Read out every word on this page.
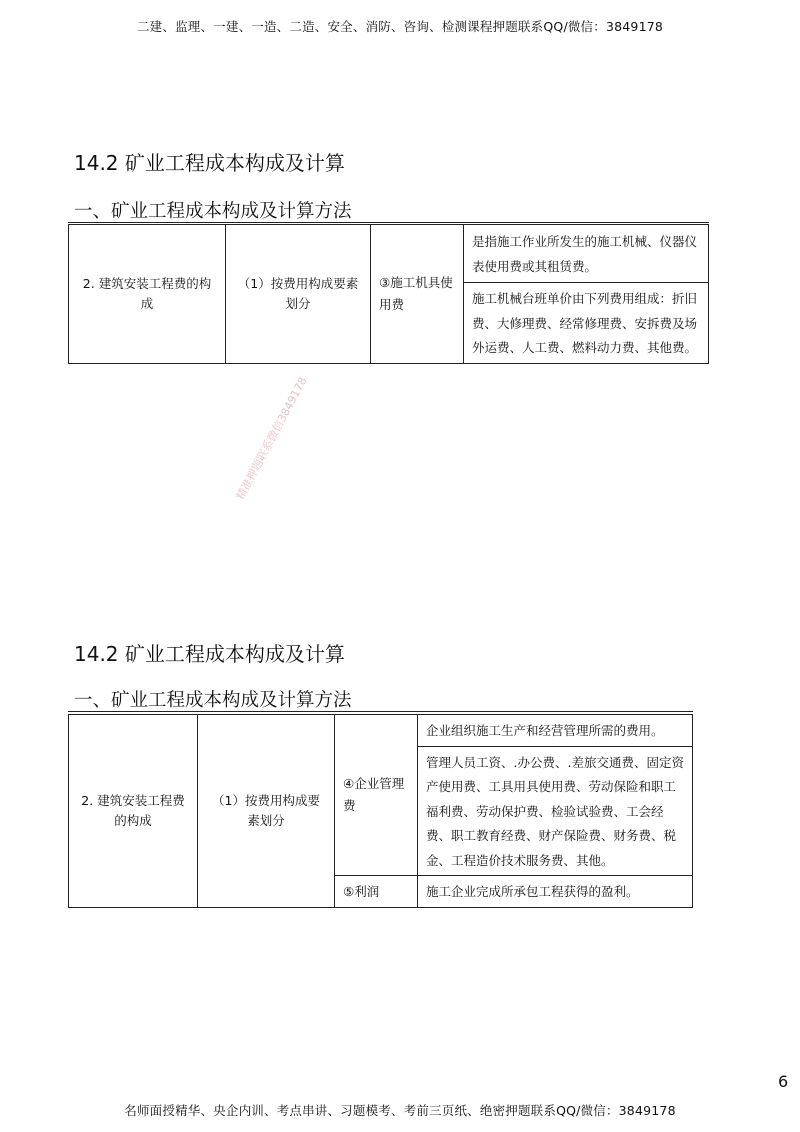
二建、监理、一建、一造、二造、安全、消防、咨询、检测课程押题联系QQ/微信：3849178
14.2 矿业工程成本构成及计算
一、矿业工程成本构成及计算方法
2. 建筑安装工程费的构成	（1）按费用构成要素划分	③施工机具使用费	是指施工作业所发生的施工机械、仪器仪表使用费或其租赁费。
施工机械台班单价由下列费用组成：折旧费、大修理费、经常修理费、安拆费及场外运费、人工费、燃料动力费、其他费。
精准押题联系微信3849178
14.2 矿业工程成本构成及计算
一、矿业工程成本构成及计算方法
2. 建筑安装工程费的构成	（1）按费用构成要素划分	④企业管理费	企业组织施工生产和经营管理所需的费用。
			管理人员工资、.办公费、.差旅交通费、固定资产使用费、工具用具使用费、劳动保险和职工福利费、劳动保护费、检验试验费、工会经费、职工教育经费、财产保险费、财务费、税金、工程造价技术服务费、其他。
		⑤利润	施工企业完成所承包工程获得的盈利。
6
名师面授精华、央企内训、考点串讲、习题模考、考前三页纸、绝密押题联系QQ/微信：3849178
